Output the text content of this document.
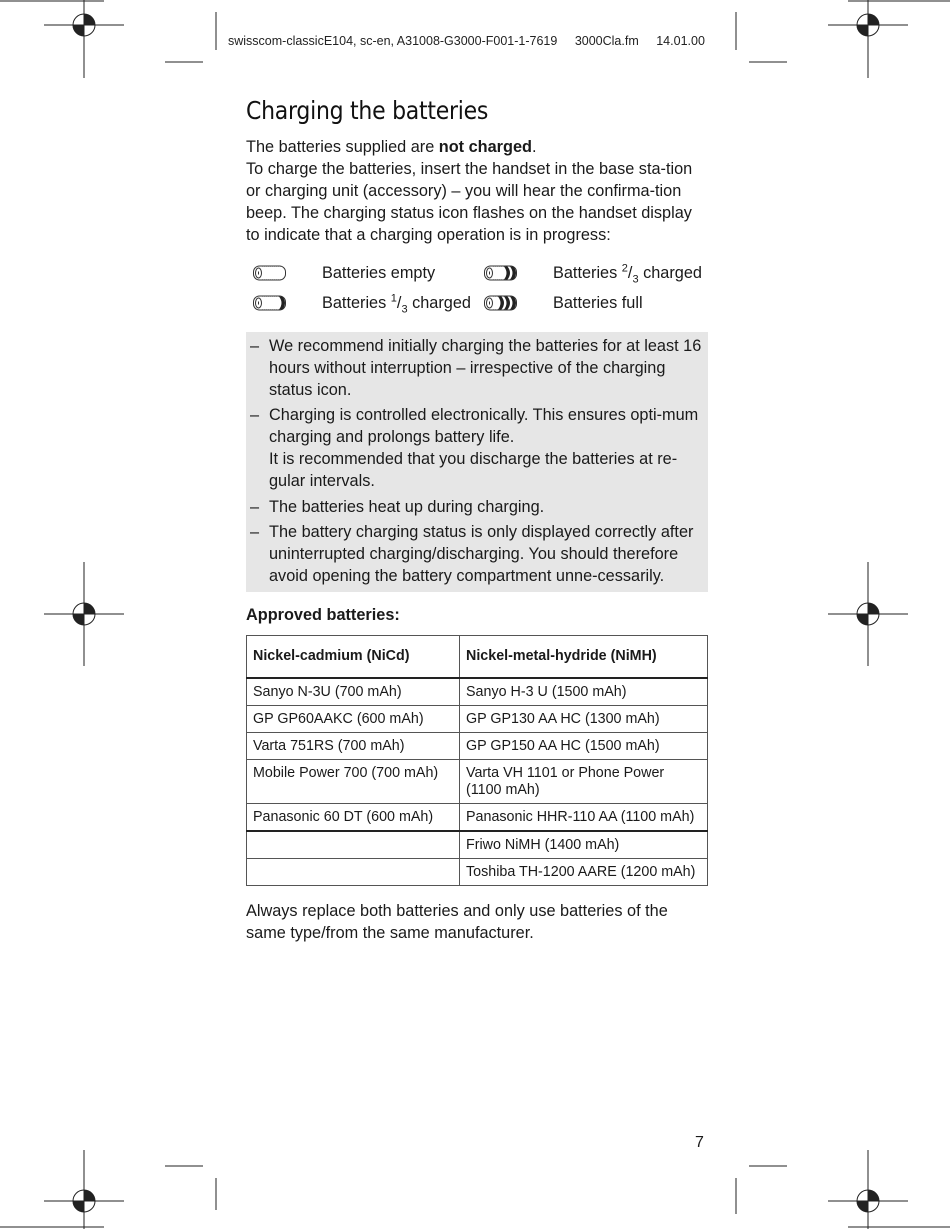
swisscom-classicE104, sc-en, A31008-G3000-F001-1-7619 3000Cla.fm 14.01.00
Charging the batteries

The batteries supplied are not charged.
To charge the batteries, insert the handset in the base sta-tion or charging unit (accessory) – you will hear the confirma-tion beep. The charging status icon flashes on the handset display to indicate that a charging operation is in progress:

Batteries empty	Batteries $^2/_3$ charged
Batteries $^1/_3$ charged	Batteries full
– We recommend initially charging the batteries for at least 16 hours without interruption – irrespective of the charging status icon.
– Charging is controlled electronically. This ensures opti-mum charging and prolongs battery life.
It is recommended that you discharge the batteries at re-gular intervals.
– The batteries heat up during charging.
– The battery charging status is only displayed correctly after uninterrupted charging/discharging. You should therefore avoid opening the battery compartment unne-cessarily.
Approved batteries:
Nickel-cadmium (NiCd)	Nickel-metal-hydride (NiMH)
Sanyo N-3U (700 mAh)	Sanyo H-3 U (1500 mAh)
GP GP60AAKC (600 mAh)	GP GP130 AA HC (1300 mAh)
Varta 751RS (700 mAh)	GP GP150 AA HC (1500 mAh)
Mobile Power 700 (700 mAh)	Varta VH 1101 or Phone Power (1100 mAh)
Panasonic 60 DT (600 mAh)	Panasonic HHR-110 AA (1100 mAh)
	Friwo NiMH (1400 mAh)
	Toshiba TH-1200 AARE (1200 mAh)

Always replace both batteries and only use batteries of the same type/from the same manufacturer.

7
